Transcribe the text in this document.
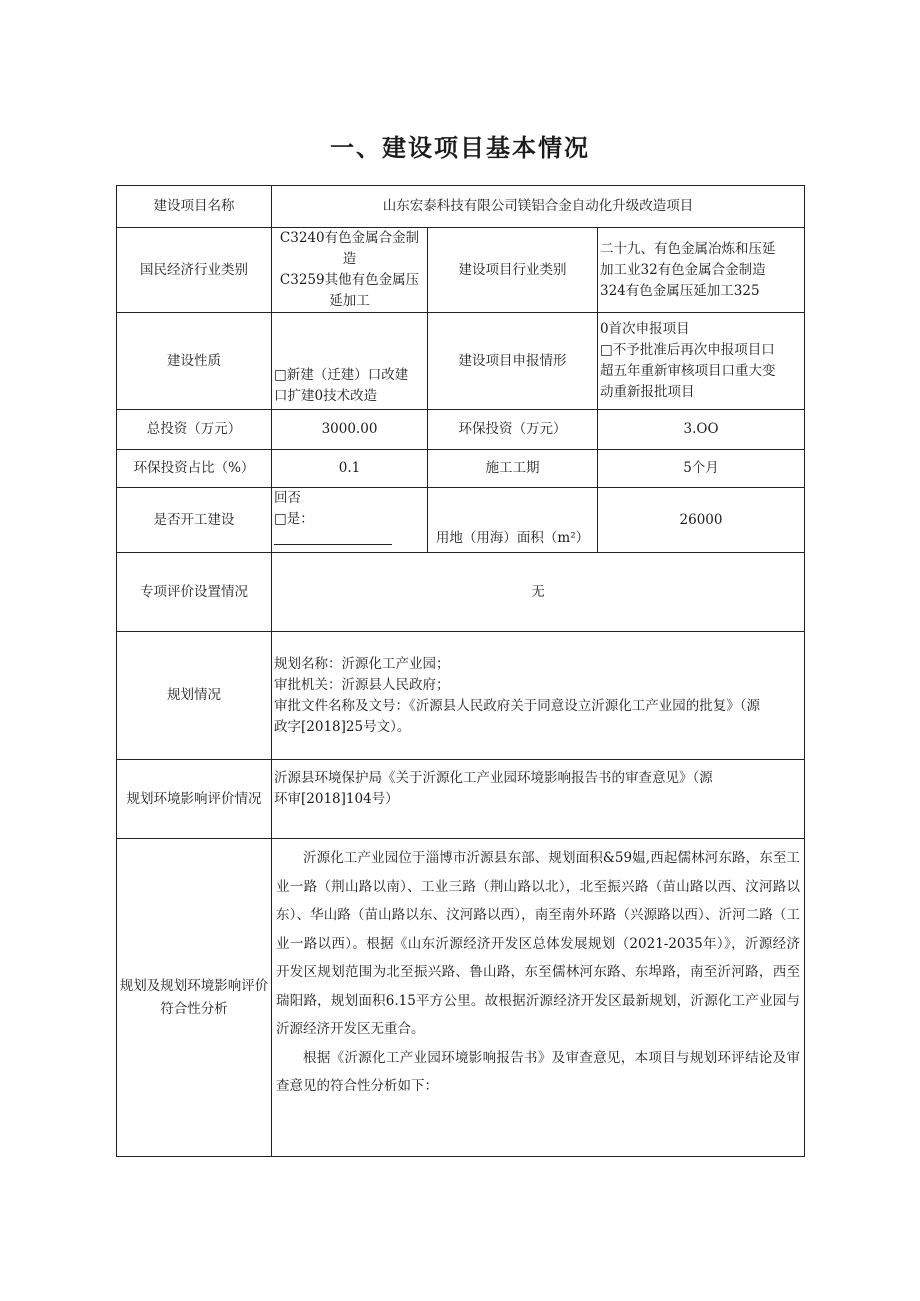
一、建设项目基本情况
建设项目名称	山东宏泰科技有限公司镁铝合金自动化升级改造项目		
国民经济行业类别	C3240有色金属合金制
造
C3259其他有色金属压
延加工	建设项目行业类别	二十九、有色金属冶炼和压延
加工业32有色金属合金制造
324有色金属压延加工325

建设性质	□新建（迁建）口改建
口扩建0技术改造	建设项目申报情形	0首次申报项目
□不予批准后再次申报项目口
超五年重新审核项目口重大变
动重新报批项目

总投资（万元）	3000.00	环保投资（万元）	3.OO
环保投资占比（%）	0.1	施工工期	5个月
是否开工建设	回否
□是：	用地（用海）面积（m²）	26000
专项评价设置情况	无		
规划情况	规划名称：沂源化工产业园；
审批机关：沂源县人民政府；
审批文件名称及文号：《沂源县人民政府关于同意设立沂源化工产业园的批复》（源
政字[2018]25号文）。		

规划环境影响评价情况	沂源县环境保护局《关于沂源化工产业园环境影响报告书的审查意见》（源
环审[2018]104号）		

规划及规划环境影响评价符合性分析	沂源化工产业园位于淄博市沂源县东部、规划面积&59媪,西起儒林河东路，东至工业一路（荆山路以南）、工业三路（荆山路以北），北至振兴路（苗山路以西、汶河路以东）、华山路（苗山路以东、汶河路以西），南至南外环路（兴源路以西）、沂河二路（工业一路以西）。根据《山东沂源经济开发区总体发展规划（2021-2035年）》，沂源经济开发区规划范围为北至振兴路、鲁山路，东至儒林河东路、东埠路，南至沂河路，西至瑞阳路，规划面积6.15平方公里。故根据沂源经济开发区最新规划，沂源化工产业园与沂源经济开发区无重合。

根据《沂源化工产业园环境影响报告书》及审查意见，本项目与规划环评结论及审查意见的符合性分析如下：		
